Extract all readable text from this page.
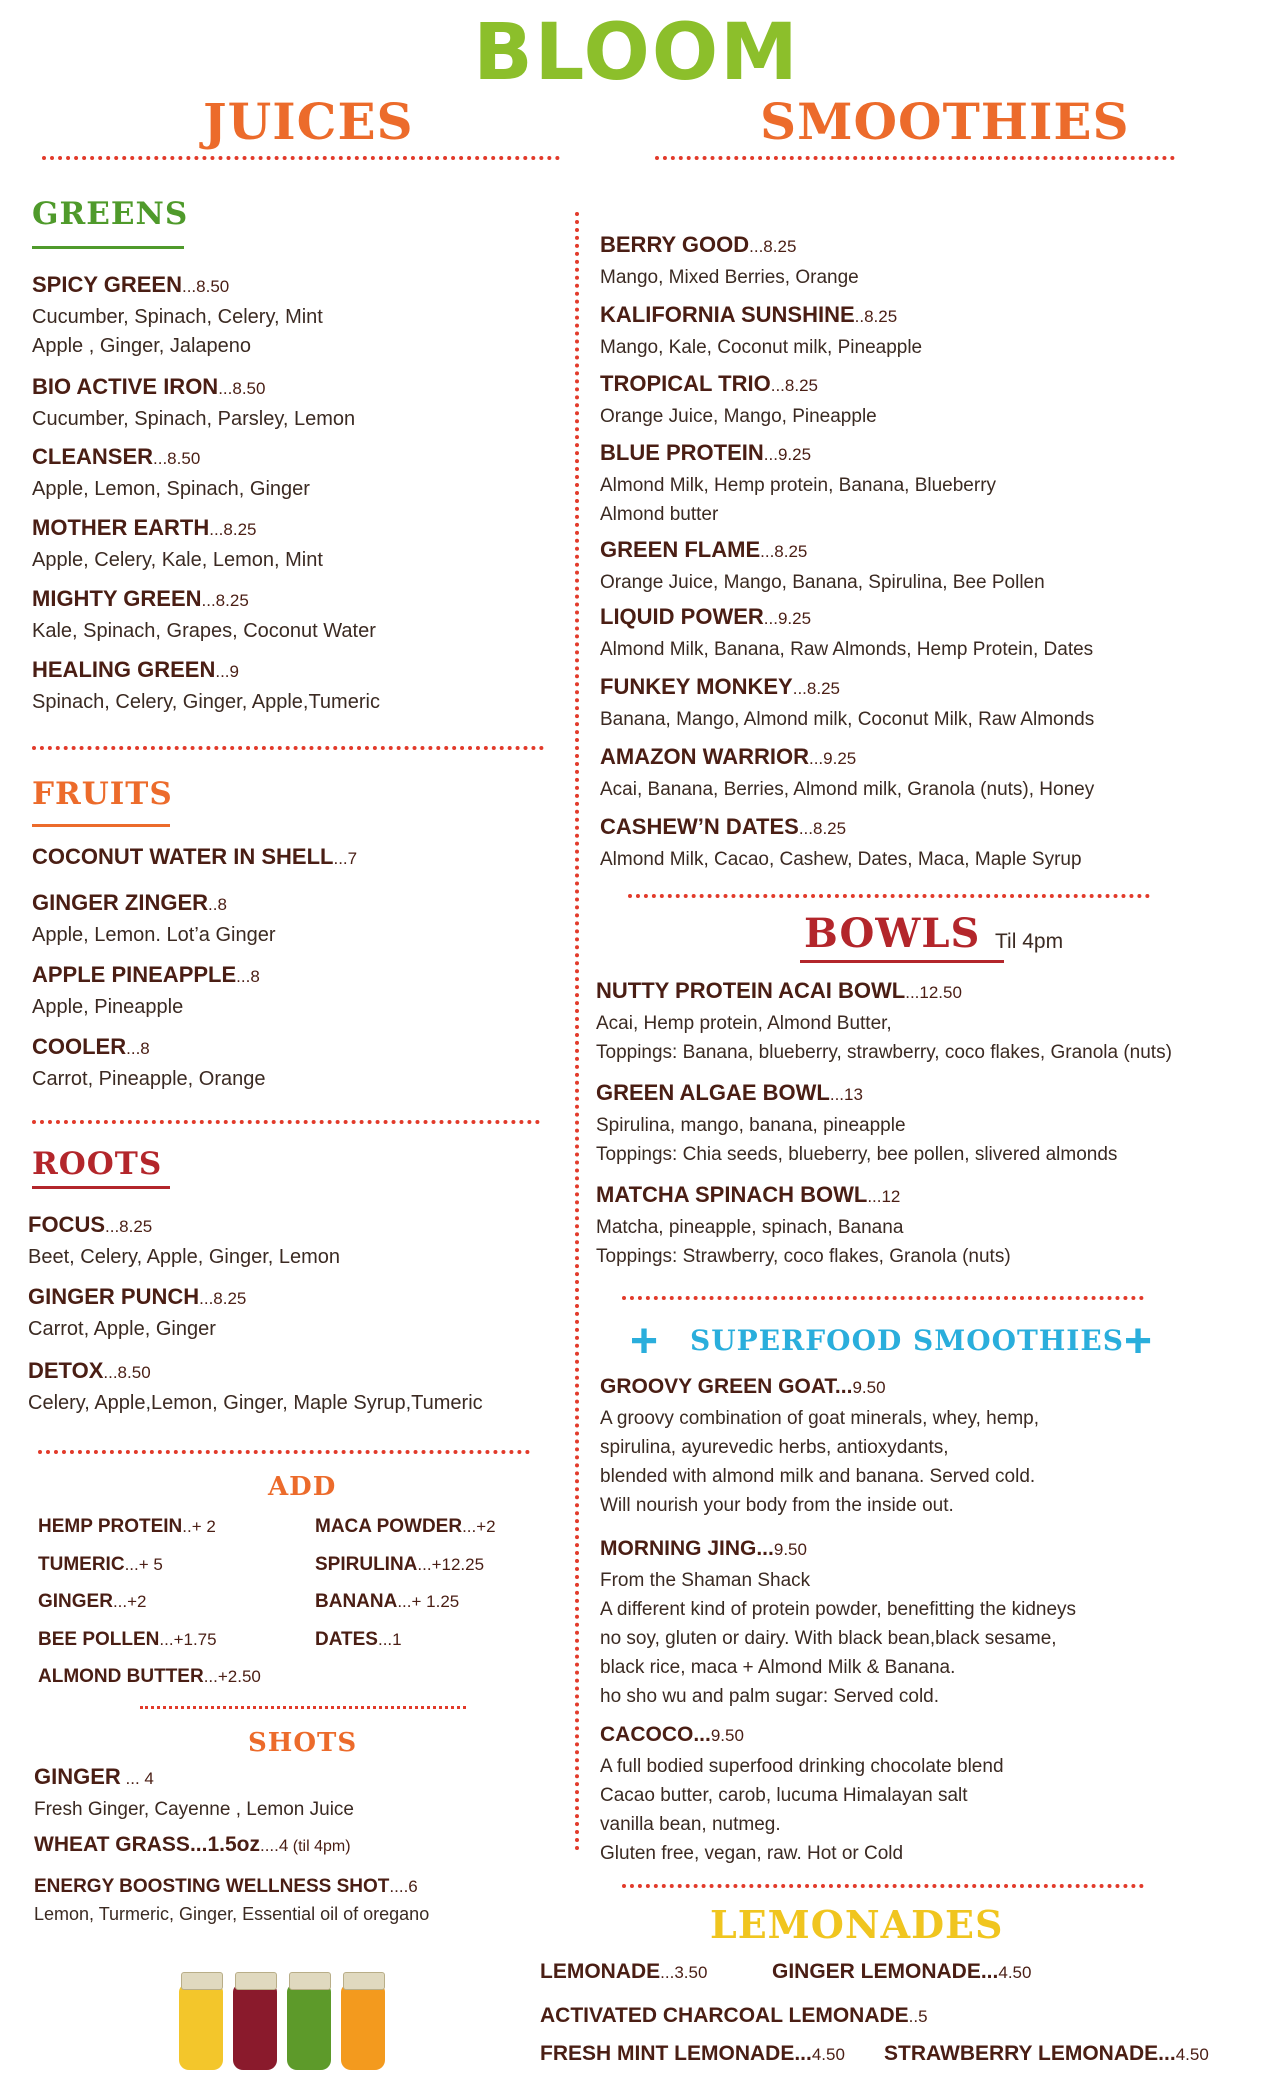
BLOOM
JUICES	SMOOTHIES
GREENS
SPICY GREEN...8.50
Cucumber, Spinach, Celery, Mint
Apple , Ginger, Jalapeno
BIO ACTIVE IRON...8.50
Cucumber, Spinach, Parsley, Lemon
CLEANSER...8.50
Apple, Lemon, Spinach, Ginger
MOTHER EARTH...8.25
Apple, Celery, Kale, Lemon, Mint
MIGHTY GREEN...8.25
Kale, Spinach, Grapes, Coconut Water
HEALING GREEN...9
Spinach, Celery, Ginger, Apple,Tumeric
FRUITS
COCONUT WATER IN SHELL...7
GINGER ZINGER..8
Apple, Lemon. Lot’a Ginger
APPLE PINEAPPLE...8
Apple, Pineapple
COOLER...8
Carrot, Pineapple, Orange
ROOTS
FOCUS...8.25
Beet, Celery, Apple, Ginger, Lemon
GINGER PUNCH...8.25
Carrot, Apple, Ginger
DETOX...8.50
Celery, Apple,Lemon, Ginger, Maple Syrup,Tumeric
ADD
HEMP PROTEIN..+ 2
TUMERIC...+ 5
GINGER...+2
BEE POLLEN...+1.75
ALMOND BUTTER...+2.50
MACA POWDER...+2
SPIRULINA...+12.25
BANANA...+ 1.25
DATES...1
SHOTS
GINGER ... 4
Fresh Ginger, Cayenne , Lemon Juice
WHEAT GRASS...1.5oz....4 (til 4pm)
ENERGY BOOSTING WELLNESS SHOT....6
Lemon, Turmeric, Ginger, Essential oil of oregano
BERRY GOOD...8.25
Mango, Mixed Berries, Orange
KALIFORNIA SUNSHINE..8.25
Mango, Kale, Coconut milk, Pineapple
TROPICAL TRIO...8.25
Orange Juice, Mango, Pineapple
BLUE PROTEIN...9.25
Almond Milk, Hemp protein, Banana, Blueberry
Almond butter
GREEN FLAME...8.25
Orange Juice, Mango, Banana, Spirulina, Bee Pollen
LIQUID POWER...9.25
Almond Milk, Banana, Raw Almonds, Hemp Protein, Dates
FUNKEY MONKEY...8.25
Banana, Mango, Almond milk, Coconut Milk, Raw Almonds
AMAZON WARRIOR...9.25
Acai, Banana, Berries, Almond milk, Granola (nuts), Honey
CASHEW’N DATES...8.25
Almond Milk, Cacao, Cashew, Dates, Maca, Maple Syrup
BOWLS Til 4pm
NUTTY PROTEIN ACAI BOWL...12.50
Acai, Hemp protein, Almond Butter,
Toppings: Banana, blueberry, strawberry, coco flakes, Granola (nuts)
GREEN ALGAE BOWL...13
Spirulina, mango, banana, pineapple
Toppings: Chia seeds, blueberry, bee pollen, slivered almonds
MATCHA SPINACH BOWL...12
Matcha, pineapple, spinach, Banana
Toppings: Strawberry, coco flakes, Granola (nuts)
+ SUPERFOOD SMOOTHIES +
GROOVY GREEN GOAT...9.50
A groovy combination of goat minerals, whey, hemp,
spirulina, ayurevedic herbs, antioxydants,
blended with almond milk and banana. Served cold.
Will nourish your body from the inside out.
MORNING JING...9.50
From the Shaman Shack
A different kind of protein powder, benefitting the kidneys
no soy, gluten or dairy. With black bean,black sesame,
black rice, maca + Almond Milk & Banana.
ho sho wu and palm sugar: Served cold.
CACOCO...9.50
A full bodied superfood drinking chocolate blend
Cacao butter, carob, lucuma Himalayan salt
vanilla bean, nutmeg.
Gluten free, vegan, raw. Hot or Cold
LEMONADES
LEMONADE...3.50	GINGER LEMONADE...4.50
ACTIVATED CHARCOAL LEMONADE..5
FRESH MINT LEMONADE...4.50 STRAWBERRY LEMONADE...4.50
